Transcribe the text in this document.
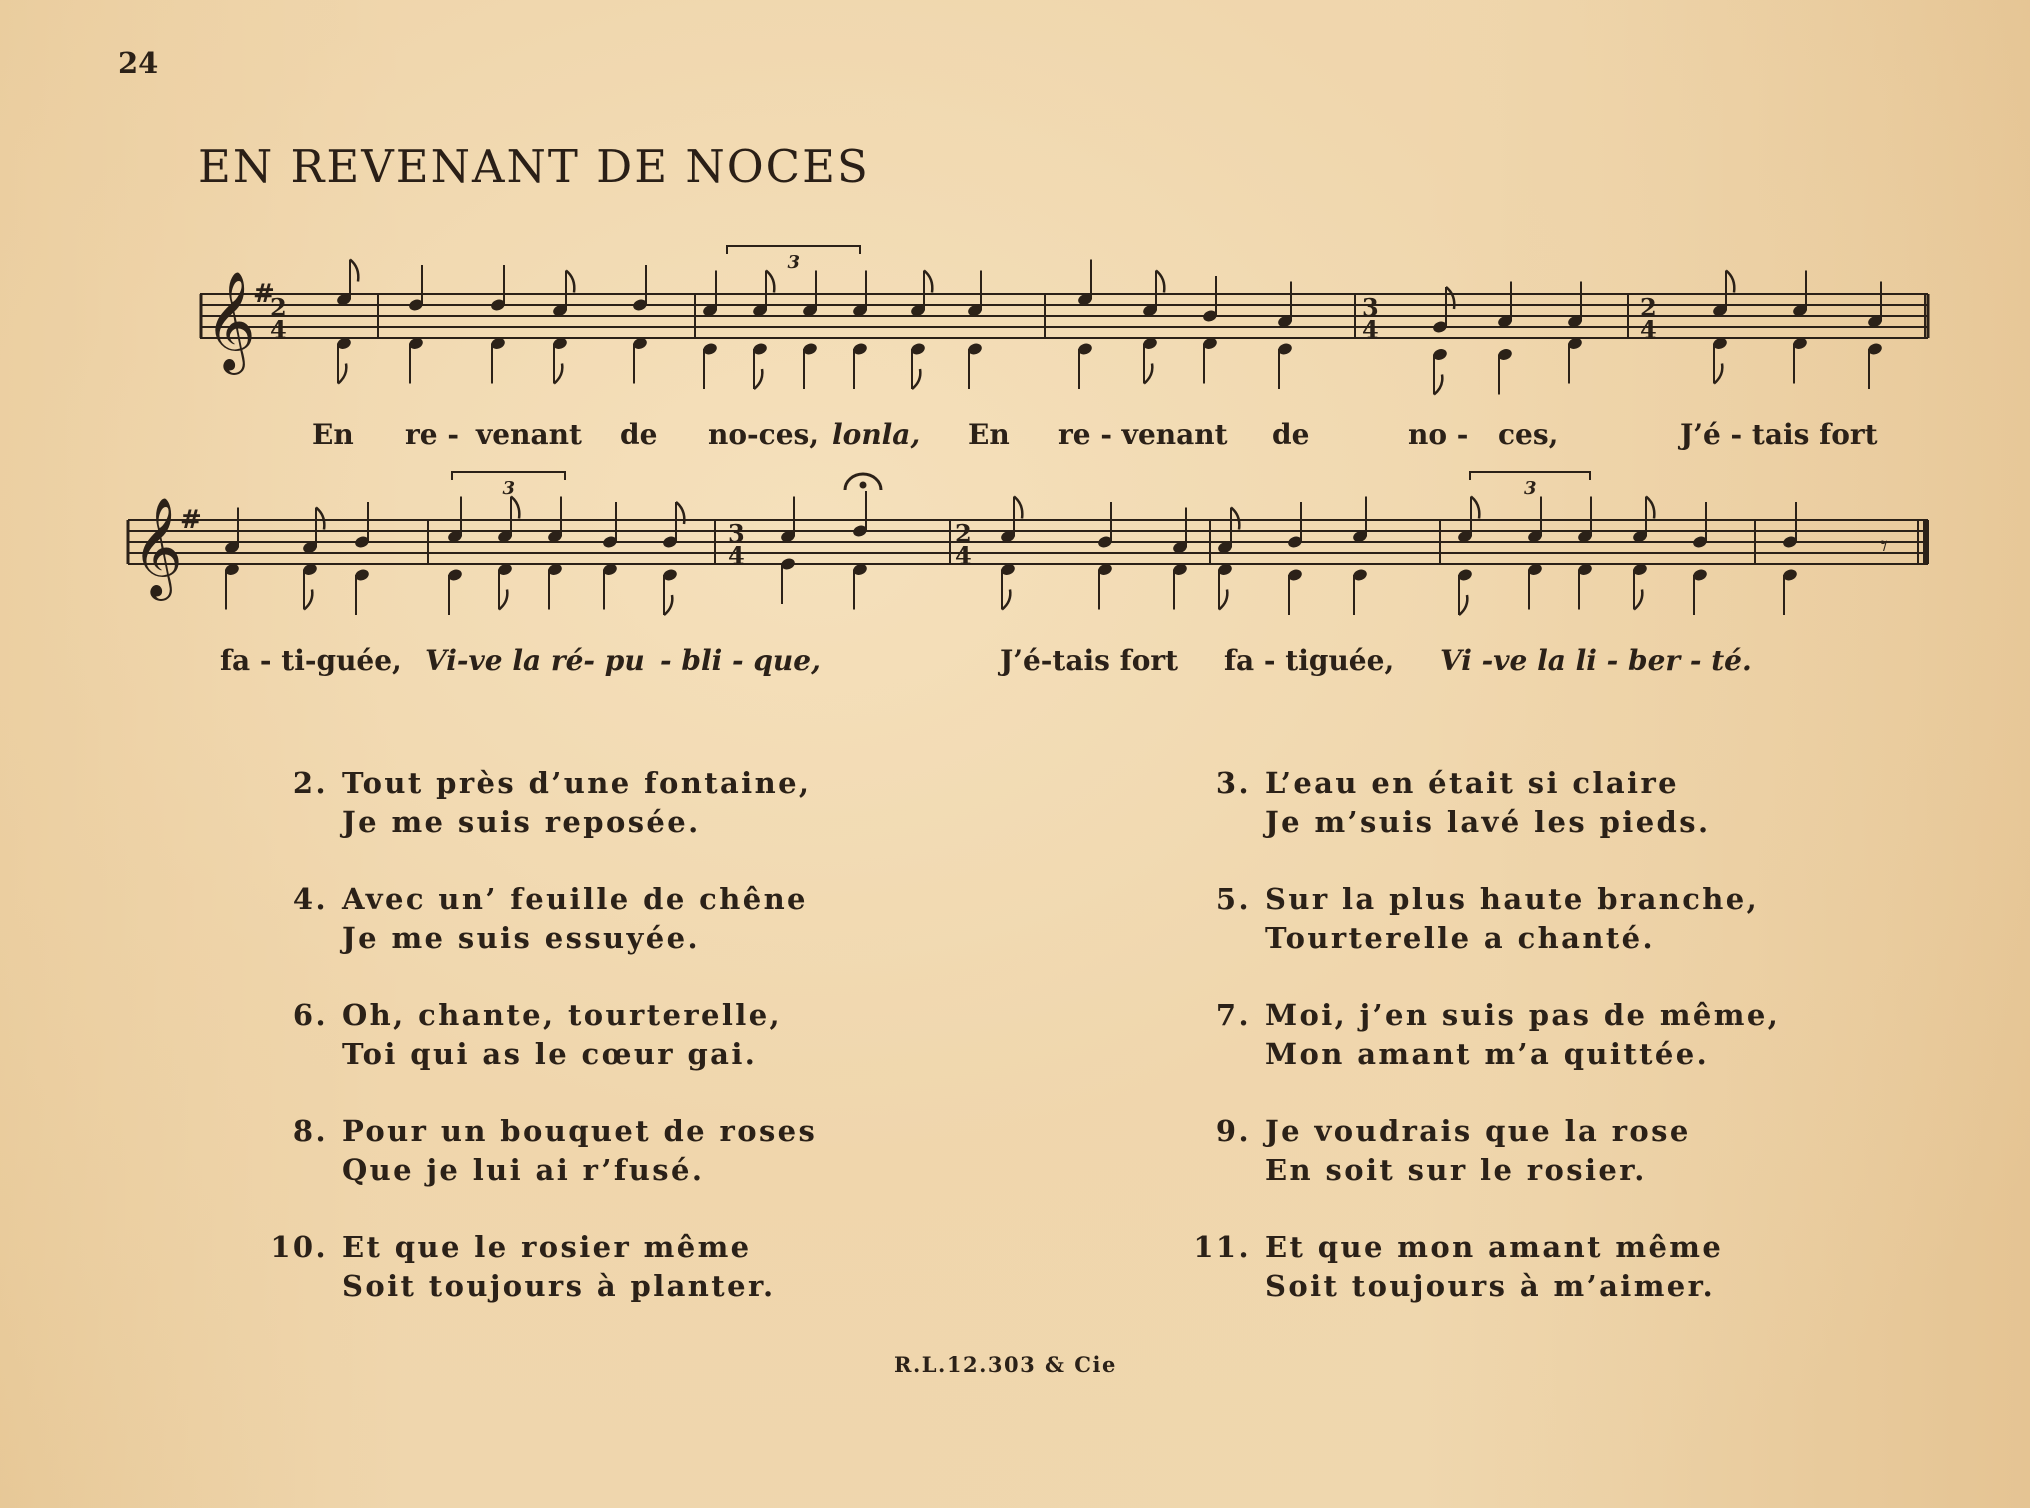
24
EN REVENANT DE NOCES
𝄞
#
2
4
3
4
2
4
3
𝄞
#	3
4
2
4
3	3
𝄾
En re - venant de no-ces, lonla, En re - venant de	no - ces,	J’é - tais fort
fa - ti-guée, Vi-ve la ré- pu - bli - que,	J’é-tais fort fa - tiguée, Vi -ve la li - ber - té.
2. Tout près d’une fontaine,
Je me suis reposée.
3. L’eau en était si claire
Je m’suis lavé les pieds.
4. Avec un’ feuille de chêne
Je me suis essuyée.
5. Sur la plus haute branche,
Tourterelle a chanté.
6. Oh, chante, tourterelle,
Toi qui as le cœur gai.
7. Moi, j’en suis pas de même,
Mon amant m’a quittée.
8. Pour un bouquet de roses
Que je lui ai r’fusé.
9. Je voudrais que la rose
En soit sur le rosier.
10. Et que le rosier même
Soit toujours à planter.
11. Et que mon amant même
Soit toujours à m’aimer.
R.L.12.303 & Cie
